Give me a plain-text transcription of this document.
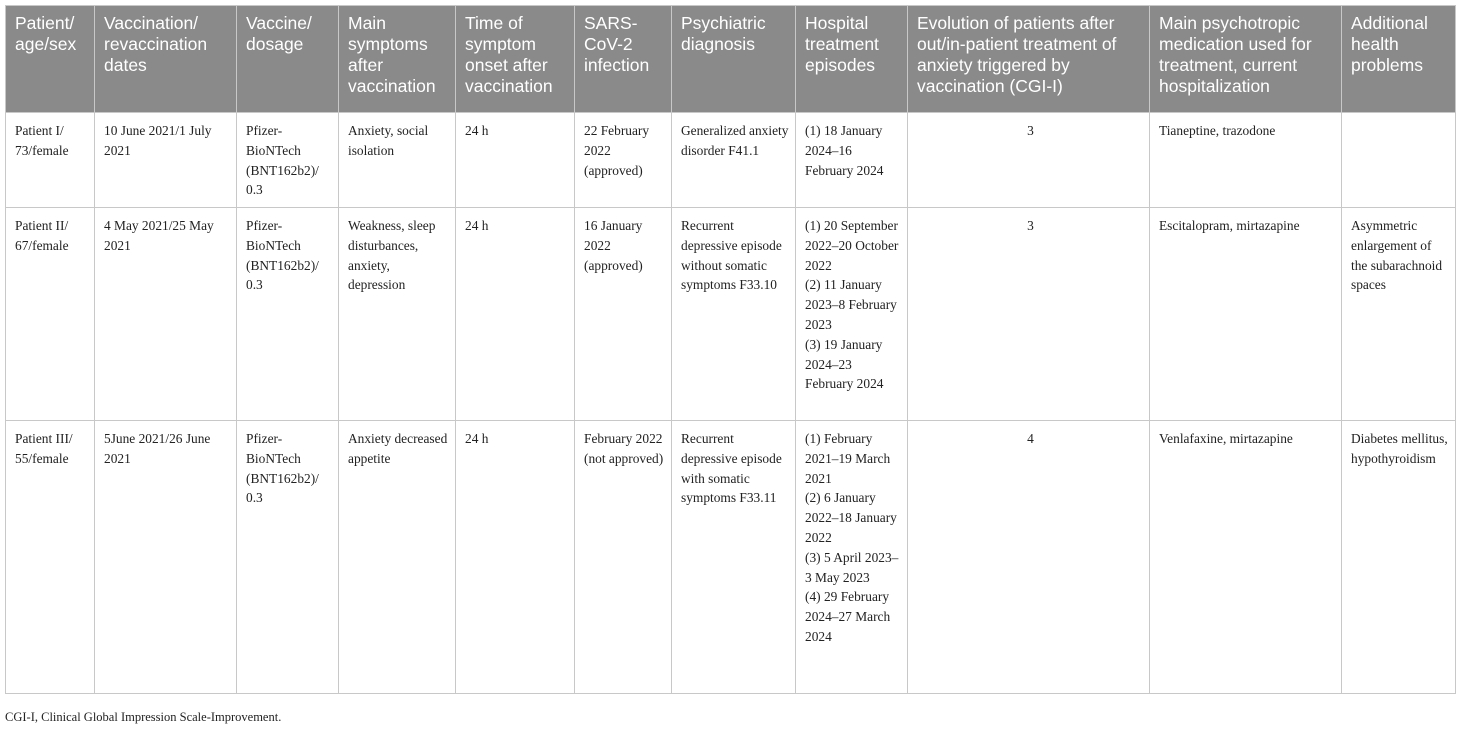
Patient/ age/sex	Vaccination/ revaccination dates	Vaccine/ dosage	Main symptoms after vaccination	Time of symptom onset after vaccination	SARS-CoV-2 infection	Psychiatric diagnosis	Hospital treatment episodes	Evolution of patients after out/in-patient treatment of anxiety triggered by vaccination (CGI-I)	Main psychotropic medication used for treatment, current hospitalization	Additional health problems
Patient I/ 73/female	10 June 2021/1 July 2021	Pfizer-BioNTech (BNT162b2)/ 0.3	Anxiety, social isolation	24 h	22 February 2022 (approved)	Generalized anxiety disorder F41.1	(1) 18 January 2024–16 February 2024	3	Tianeptine, trazodone	
Patient II/ 67/female	4 May 2021/25 May 2021	Pfizer-BioNTech (BNT162b2)/ 0.3	Weakness, sleep disturbances, anxiety, depression	24 h	16 January 2022 (approved)	Recurrent depressive episode without somatic symptoms F33.10	(1) 20 September 2022–20 October 2022
(2) 11 January 2023–8 February 2023
(3) 19 January 2024–23 February 2024	3	Escitalopram, mirtazapine	Asymmetric enlargement of the subarachnoid spaces
Patient III/ 55/female	5June 2021/26 June 2021	Pfizer-BioNTech (BNT162b2)/ 0.3	Anxiety decreased appetite	24 h	February 2022 (not approved)	Recurrent depressive episode with somatic symptoms F33.11	(1) February 2021–19 March 2021
(2) 6 January 2022–18 January 2022
(3) 5 April 2023–3 May 2023
(4) 29 February 2024–27 March 2024	4	Venlafaxine, mirtazapine	Diabetes mellitus, hypothyroidism
CGI-I, Clinical Global Impression Scale-Improvement.
